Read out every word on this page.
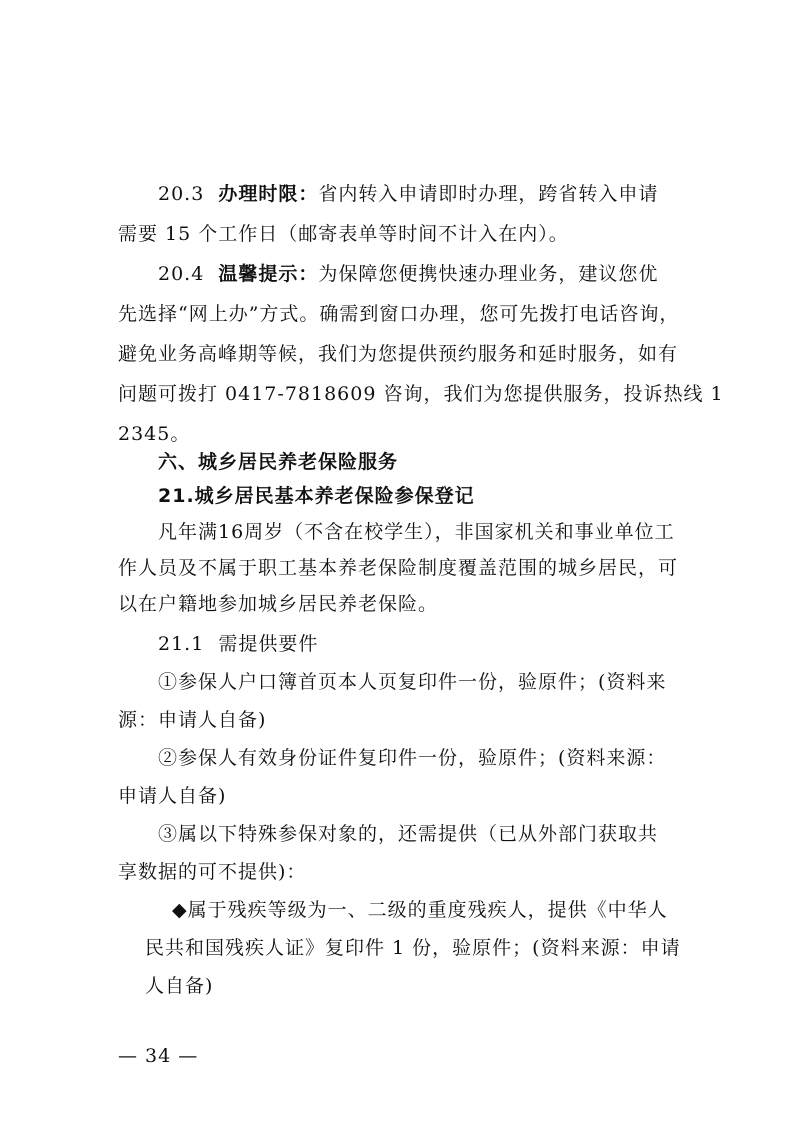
20.3 办理时限：省内转入申请即时办理，跨省转入申请
需要 15 个工作日（邮寄表单等时间不计入在内）。
20.4 温馨提示：为保障您便携快速办理业务，建议您优
先选择“网上办”方式。确需到窗口办理，您可先拨打电话咨询，
避免业务高峰期等候，我们为您提供预约服务和延时服务，如有
问题可拨打 0417-7818609 咨询，我们为您提供服务，投诉热线 1
2345。
六、城乡居民养老保险服务
21.城乡居民基本养老保险参保登记
凡年满16周岁（不含在校学生），非国家机关和事业单位工
作人员及不属于职工基本养老保险制度覆盖范围的城乡居民，可
以在户籍地参加城乡居民养老保险。
21.1 需提供要件
①参保人户口簿首页本人页复印件一份，验原件；(资料来
源：申请人自备)
②参保人有效身份证件复印件一份，验原件；(资料来源：
申请人自备)
③属以下特殊参保对象的，还需提供（已从外部门获取共
享数据的可不提供)：
◆属于残疾等级为一、二级的重度残疾人，提供《中华人
民共和国残疾人证》复印件 1 份，验原件；(资料来源：申请
人自备)
— 34 —
